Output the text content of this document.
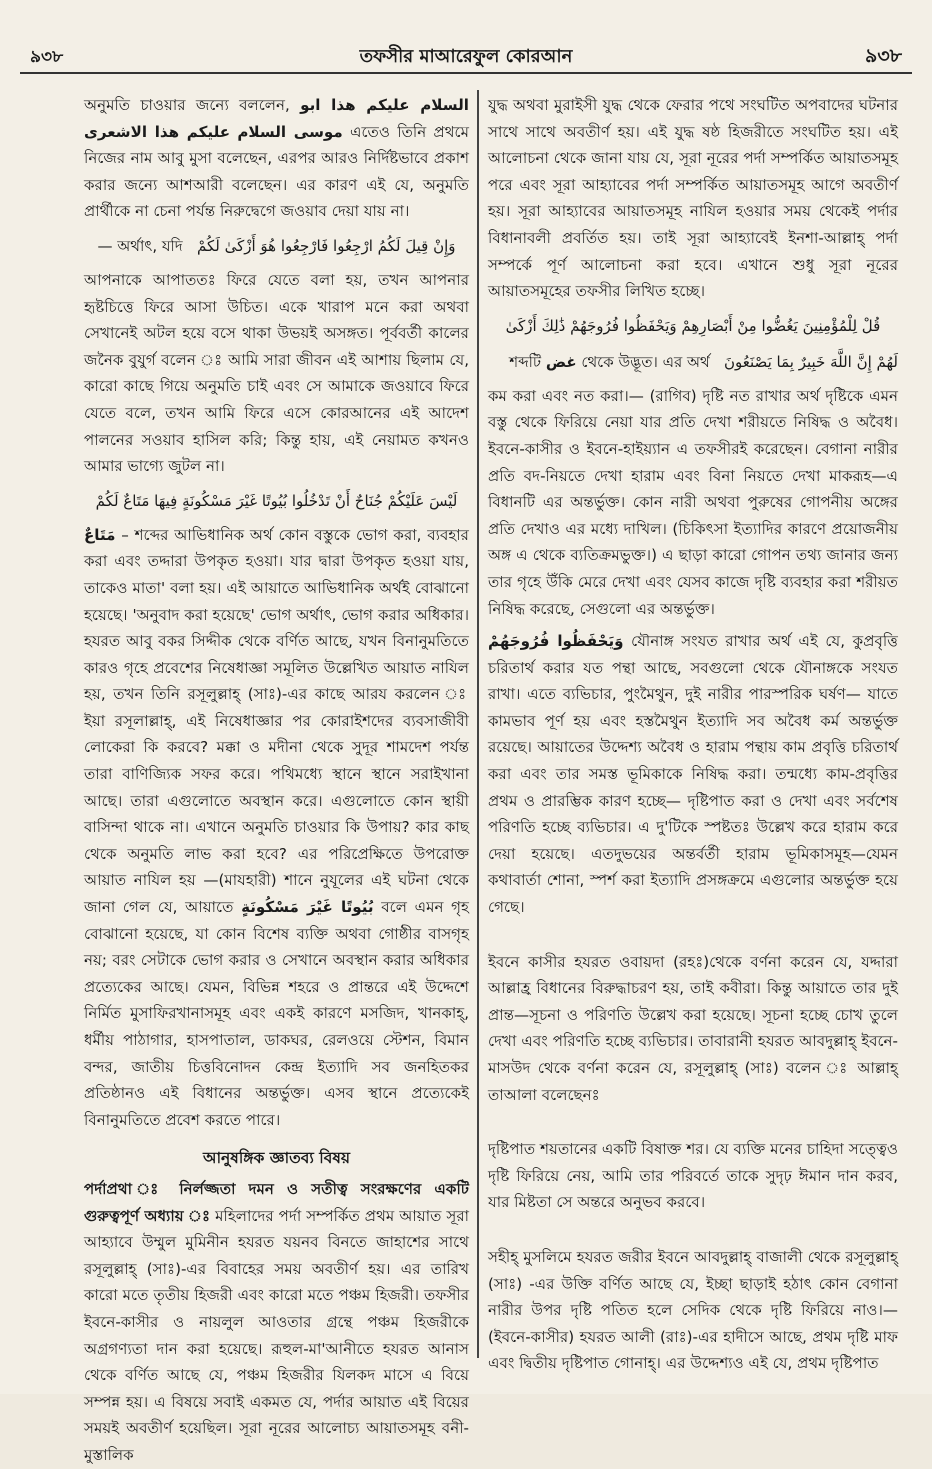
৯৩৮	তফসীর মাআরেফুল কোরআন	৯৩৮

অনুমতি চাওয়ার জন্যে বললেন, السلام عليكم هذا ابو موسى السلام عليكم هذا الاشعرى	এতেও তিনি প্রথমে নিজের নাম আবু মুসা বলেছেন, এরপর আরও নির্দিষ্টভাবে প্রকাশ করার জন্যে আশআরী বলেছেন। এর কারণ এই যে, অনুমতি প্রার্থীকে না চেনা পর্যন্ত নিরুদ্বেগে জওয়াব দেয়া যায় না।

وَإِنْ قِيلَ لَكُمُ ارْجِعُوا فَارْجِعُوا هُوَ أَزْكَىٰ لَكُمْ   — অর্থাৎ, যদি

আপনাকে আপাততঃ ফিরে যেতে বলা হয়, তখন আপনার হৃষ্টচিত্তে ফিরে আসা উচিত। একে খারাপ মনে করা অথবা সেখানেই অটল হয়ে বসে থাকা উভয়ই অসঙ্গত। পূর্ববর্তী কালের জনৈক বুযুর্গ বলেন ঃ আমি সারা জীবন এই আশায় ছিলাম যে, কারো কাছে গিয়ে অনুমতি চাই এবং সে আমাকে জওয়াবে ফিরে যেতে বলে, তখন আমি ফিরে এসে কোরআনের এই আদেশ পালনের সওয়াব হাসিল করি; কিন্তু হায়, এই নেয়ামত কখনও আমার ভাগ্যে জুটল না।

لَيْسَ عَلَيْكُمْ جُنَاحٌ أَنْ تَدْخُلُوا بُيُوتًا غَيْرَ مَسْكُونَةٍ فِيهَا مَتَاعٌ لَكُمْ

مَتَاعٌ – শব্দের আভিধানিক অর্থ কোন বস্তুকে ভোগ করা, ব্যবহার করা এবং তদ্দারা উপকৃত হওয়া। যার দ্বারা উপকৃত হওয়া যায়, তাকেও মাতা' বলা হয়। এই আয়াতে আভিধানিক অর্থই বোঝানো হয়েছে। 'অনুবাদ করা হয়েছে' ভোগ অর্থাৎ, ভোগ করার অধিকার। হযরত আবু বকর সিদ্দীক থেকে বর্ণিত আছে, যখন বিনানুমতিতে কারও গৃহে প্রবেশের নিষেধাজ্ঞা সমূলিত উল্লেখিত আয়াত নাযিল হয়, তখন তিনি রসূলুল্লাহ্ (সাঃ)-এর কাছে আরয করলেন ঃ ইয়া রসূলাল্লাহ্, এই নিষেধাজ্ঞার পর কোরাইশদের ব্যবসাজীবী লোকেরা কি করবে? মক্কা ও মদীনা থেকে সুদূর শামদেশ পর্যন্ত তারা বাণিজ্যিক সফর করে। পথিমধ্যে স্থানে স্থানে সরাইখানা আছে। তারা এগুলোতে অবস্থান করে। এগুলোতে কোন স্থায়ী বাসিন্দা থাকে না। এখানে অনুমতি চাওয়ার কি উপায়? কার কাছ থেকে অনুমতি লাভ করা হবে? এর পরিপ্রেক্ষিতে উপরোক্ত আয়াত নাযিল হয় —(মাযহারী) শানে নুযূলের এই ঘটনা থেকে জানা গেল যে, আয়াতে بُيُوتًا غَيْرَ مَسْكُونَةٍ বলে এমন গৃহ বোঝানো হয়েছে, যা কোন বিশেষ ব্যক্তি অথবা গোষ্ঠীর বাসগৃহ নয়; বরং সেটাকে ভোগ করার ও সেখানে অবস্থান করার অধিকার প্রত্যেকের আছে। যেমন, বিভিন্ন শহরে ও প্রান্তরে এই উদ্দেশে নির্মিত মুসাফিরখানাসমূহ এবং একই কারণে মসজিদ, খানকাহ্, ধর্মীয় পাঠাগার, হাসপাতাল, ডাকঘর, রেলওয়ে স্টেশন, বিমান বন্দর, জাতীয় চিত্তবিনোদন কেন্দ্র ইত্যাদি সব জনহিতকর প্রতিষ্ঠানও এই বিধানের অন্তর্ভুক্ত। এসব স্থানে প্রত্যেকেই বিনানুমতিতে প্রবেশ করতে পারে।

আনুষঙ্গিক জ্ঞাতব্য বিষয়

পর্দাপ্রথা ঃ নির্লজ্জতা দমন ও সতীত্ব সংরক্ষণের একটি গুরুত্বপূর্ণ অধ্যায় ঃ মহিলাদের পর্দা সম্পর্কিত প্রথম আয়াত সূরা আহ্যাবে উম্মুল মুমিনীন হযরত যয়নব বিনতে জাহাশের সাথে রসূলুল্লাহ্ (সাঃ)-এর বিবাহের সময় অবতীর্ণ হয়। এর তারিখ কারো মতে তৃতীয় হিজরী এবং কারো মতে পঞ্চম হিজরী। তফসীর ইবনে-কাসীর ও নায়লুল আওতার গ্রন্থে পঞ্চম হিজরীকে অগ্রগণ্যতা দান করা হয়েছে। রূহুল-মা'আনীতে হযরত আনাস থেকে বর্ণিত আছে যে, পঞ্চম হিজরীর যিলকদ মাসে এ বিয়ে সম্পন্ন হয়। এ বিষয়ে সবাই একমত যে, পর্দার আয়াত এই বিয়ের সময়ই অবতীর্ণ হয়েছিল। সূরা নূরের আলোচ্য আয়াতসমূহ বনী-মুস্তালিক

যুদ্ধ অথবা মুরাইসী যুদ্ধ থেকে ফেরার পথে সংঘটিত অপবাদের ঘটনার সাথে সাথে অবতীর্ণ হয়। এই যুদ্ধ ষষ্ঠ হিজরীতে সংঘটিত হয়। এই আলোচনা থেকে জানা যায় যে, সূরা নূরের পর্দা সম্পর্কিত আয়াতসমূহ পরে এবং সূরা আহ্যাবের পর্দা সম্পর্কিত আয়াতসমূহ আগে অবতীর্ণ হয়। সূরা আহ্যাবের আয়াতসমূহ নাযিল হওয়ার সময় থেকেই পর্দার বিধানাবলী প্রবর্তিত হয়। তাই সূরা আহ্যাবেই ইনশা-আল্লাহ্ পর্দা সম্পর্কে পূর্ণ আলোচনা করা হবে। এখানে শুধু সূরা নূরের আয়াতসমূহের তফসীর লিখিত হচ্ছে।

قُلْ لِلْمُؤْمِنِينَ يَغُضُّوا مِنْ أَبْصَارِهِمْ وَيَحْفَظُوا فُرُوجَهُمْ ذَٰلِكَ أَزْكَىٰ
لَهُمْ إِنَّ اللَّهَ خَبِيرٌ بِمَا يَصْنَعُونَ   শব্দটি غض থেকে উদ্ভূত। এর অর্থ

কম করা এবং নত করা।— (রাগিব) দৃষ্টি নত রাখার অর্থ দৃষ্টিকে এমন বস্তু থেকে ফিরিয়ে নেয়া যার প্রতি দেখা শরীয়তে নিষিদ্ধ ও অবৈধ। ইবনে-কাসীর ও ইবনে-হাইয়্যান এ তফসীরই করেছেন। বেগানা নারীর প্রতি বদ-নিয়তে দেখা হারাম এবং বিনা নিয়তে দেখা মাকরূহ—এ বিধানটি এর অন্তর্ভুক্ত। কোন নারী অথবা পুরুষের গোপনীয় অঙ্গের প্রতি দেখাও এর মধ্যে দাখিল। (চিকিৎসা ইত্যাদির কারণে প্রয়োজনীয় অঙ্গ এ থেকে ব্যতিক্রমভুক্ত।) এ ছাড়া কারো গোপন তথ্য জানার জন্য তার গৃহে উঁকি মেরে দেখা এবং যেসব কাজে দৃষ্টি ব্যবহার করা শরীয়ত নিষিদ্ধ করেছে, সেগুলো এর অন্তর্ভুক্ত।

وَيَحْفَظُوا فُرُوجَهُمْ যৌনাঙ্গ সংযত রাখার অর্থ এই যে, কুপ্রবৃত্তি চরিতার্থ করার যত পন্থা আছে, সবগুলো থেকে যৌনাঙ্গকে সংযত রাখা। এতে ব্যভিচার, পুংমৈথুন, দুই নারীর পারস্পরিক ঘর্ষণ— যাতে কামভাব পূর্ণ হয় এবং হস্তমৈথুন ইত্যাদি সব অবৈধ কর্ম অন্তর্ভুক্ত রয়েছে। আয়াতের উদ্দেশ্য অবৈধ ও হারাম পন্থায় কাম প্রবৃত্তি চরিতার্থ করা এবং তার সমস্ত ভূমিকাকে নিষিদ্ধ করা। তন্মধ্যে কাম-প্রবৃত্তির প্রথম ও প্রারম্ভিক কারণ হচ্ছে— দৃষ্টিপাত করা ও দেখা এবং সর্বশেষ পরিণতি হচ্ছে ব্যভিচার। এ দু'টিকে স্পষ্টতঃ উল্লেখ করে হারাম করে দেয়া হয়েছে। এতদুভয়ের অন্তর্বর্তী হারাম ভূমিকাসমূহ—যেমন কথাবার্তা শোনা, স্পর্শ করা ইত্যাদি প্রসঙ্গক্রমে এগুলোর অন্তর্ভুক্ত হয়ে গেছে।

ইবনে কাসীর হযরত ওবায়দা (রহঃ)থেকে বর্ণনা করেন যে, যদ্দারা আল্লাহ্র বিধানের বিরুদ্ধাচরণ হয়, তাই কবীরা। কিন্তু আয়াতে তার দুই প্রান্ত—সূচনা ও পরিণতি উল্লেখ করা হয়েছে। সূচনা হচ্ছে চোখ তুলে দেখা এবং পরিণতি হচ্ছে ব্যভিচার। তাবারানী হযরত আবদুল্লাহ্ ইবনে-মাসউদ থেকে বর্ণনা করেন যে, রসূলুল্লাহ্ (সাঃ) বলেন ঃ আল্লাহ্ তাআলা বলেছেনঃ

দৃষ্টিপাত শয়তানের একটি বিষাক্ত শর। যে ব্যক্তি মনের চাহিদা সত্ত্বেও দৃষ্টি ফিরিয়ে নেয়, আমি তার পরিবর্তে তাকে সুদৃঢ় ঈমান দান করব, যার মিষ্টতা সে অন্তরে অনুভব করবে।

সহীহ্ মুসলিমে হযরত জরীর ইবনে আবদুল্লাহ্ বাজালী থেকে রসূলুল্লাহ্ (সাঃ) -এর উক্তি বর্ণিত আছে যে, ইচ্ছা ছাড়াই হঠাৎ কোন বেগানা নারীর উপর দৃষ্টি পতিত হলে সেদিক থেকে দৃষ্টি ফিরিয়ে নাও।—(ইবনে-কাসীর) হযরত আলী (রাঃ)-এর হাদীসে আছে, প্রথম দৃষ্টি মাফ এবং দ্বিতীয় দৃষ্টিপাত গোনাহ্। এর উদ্দেশ্যও এই যে, প্রথম দৃষ্টিপাত
